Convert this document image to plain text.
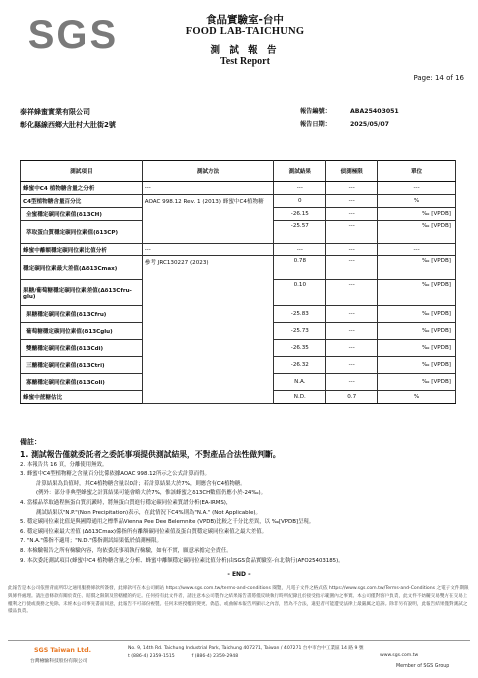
SGS	食品實驗室-台中
FOOD LAB-TAICHUNG
測 試 報 告
Test Report
Page: 14 of 16
泰祥蜂蜜實業有限公司
彰化縣線西鄉大肚村大肚街2號
報告編號：	ABA25403051
報告日期：	2025/05/07
測試項目	測試方法	測試結果	偵測極限	單位
蜂蜜中C4 植物糖含量之分析	---	---	---	---
C4型植物糖含量百分比	AOAC 998.12 Rev. 1 (2013) 蜂蜜中C4植物糖	0	---	%
全蜜穩定碳同位素值(δ13CH)		-26.15	---	‰ [VPDB]
萃取蛋白質穩定碳同位素值(δ13CP)		-25.57	---	‰ [VPDB]
蜂蜜中離額穩定碳同位素比值分析	---	---	---	---
穩定碳同位素最大差值(Δδ13Cmax)	參考 JRC130227 (2023)	0.78	---	‰ [VPDB]
果糖/葡萄糖穩定碳同位素差值(Δδ13Cfru-glu)		0.10	---	‰ [VPDB]
果糖穩定碳同位素值(δ13Cfru)		-25.83	---	‰ [VPDB]
葡萄糖穩定碳同位素值(δ13Cglu)		-25.73	---	‰ [VPDB]
雙醣穩定碳同位素值(δ13Cdi)		-26.35	---	‰ [VPDB]
三醣穩定碳同位素值(δ13Ctri)		-26.32	---	‰ [VPDB]
寡醣穩定碳同位素值(δ13Coli)		N.A.	---	‰ [VPDB]
蜂蜜中蔗糖估比		N.D.	0.7	%
備註：
1. 測試報告僅就委託者之委託事項提供測試結果，不對產品合法性做判斷。
2. 本報告共 16 頁，分離使用無效。
3. 蜂蜜中C4型植物糖之含量百分比係依據AOAC 998.12所示之公式計算而得。
計算結果為負值時，其C4植物糖含量以0計；若計算結果大於7%，則應含有C4植物糖。
(例外：部分非典型蜂蜜之計算結果可能會略大於7%，惟該蜂蜜之δ13CH數值仍應小於-24‰)。
4. 當樣品萃取過程無蛋白質沉澱時，將無蛋白質進行穩定碳同位素質譜分析(EA-IRMS)，
測試結果以"N.P."(Non Precipitation)表示，在此情況下C4%則為"N.A." (Not Applicable)。
5. 穩定碳同位素比值是與國際通用之標準品Vienna Pee Dee Belemnite (VPDB)比較之千分比差異，以 ‰[VPDB]呈現。
6. 穩定碳同位素最大差值 (Δδ13Cmax)係指所有離額碳同位素值及蛋白質穩定碳同位素值之最大差值。
7. "N.A."係指不適用；"N.D."係指測試結果低於偵測極限。
8. 本檢驗報告之所有檢驗內容，均依委託事項執行檢驗，如有不實，願意承擔完全責任。
9. 本次委託測試項目(蜂蜜中C4 植物糖含量之分析、蜂蜜中離額穩定碳同位素比值分析)由SGS食品實驗室-台北執行(AFO25403185)。
- END -
此報告是本公司依照背面所印之通用服務條款所簽發，此條款可在本公司網站 https://www.sgs.com.tw/terms-and-conditions 閱覽，凡電子文件之格式依 https://www.sgs.com.tw/Terms-and-Conditions 之電子文件期限與條件處理。請注意條款有關於責任、賠償之限制及管轄權的約定。任何持有此文件者，請注意本公司製作之結果報告書將僅反映執行時所紀錄且於接受指示範圍內之事實。本公司僅對客戶負責，此文件不妨礙交易雙方在交易上權利之行使或義務之免除。未經本公司事先書面同意，此報告不可部份複製。任何未經授權的變更、偽造、或曲解本報告所顯示之內容，皆為不合法，違犯者可能遭受法律上最嚴厲之追訴。除非另有說明，此報告結果僅對測試之樣品負責。
SGS Taiwan Ltd.
台灣檢驗科技股份有限公司
No. 9, 14th Rd. Taichung Industrial Park, Taichung 407271, Taiwan / 407271 台中市台中工業區 14 路 9 號
t (886-4) 2359-1515	f (886-4) 2359-2948	www.sgs.com.tw
Member of SGS Group
